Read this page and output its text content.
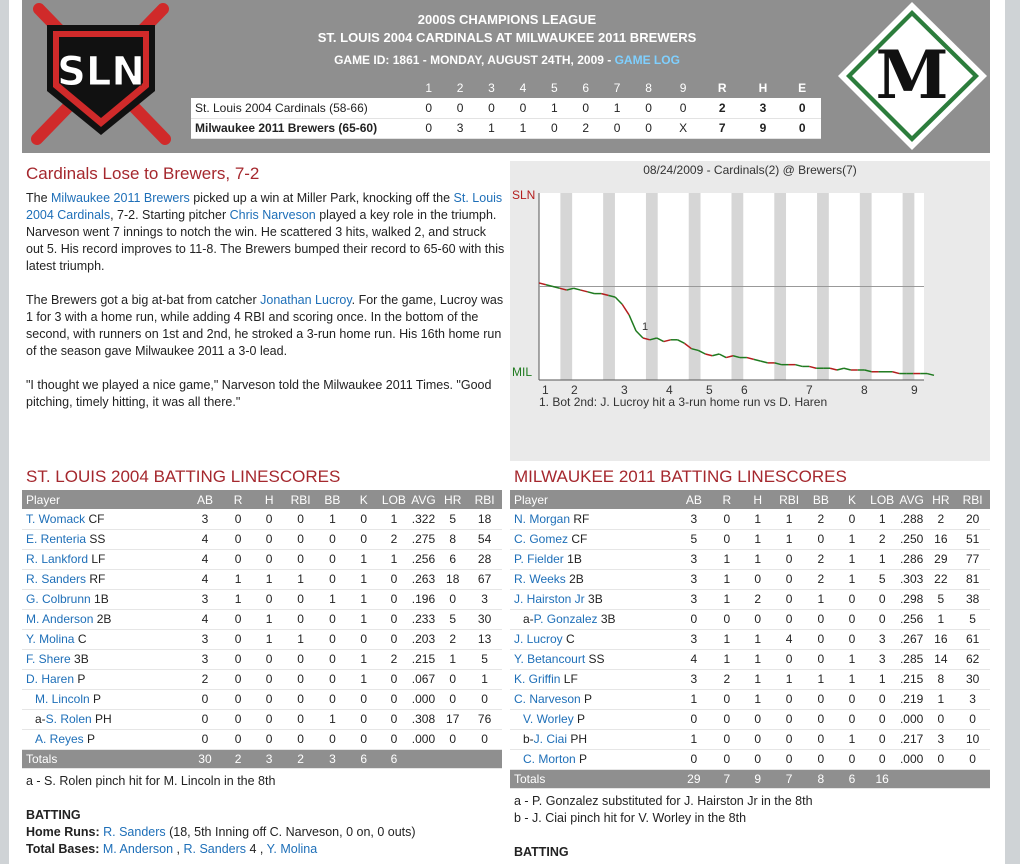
SLN
2000S CHAMPIONS LEAGUE
ST. LOUIS 2004 CARDINALS AT MILWAUKEE 2011 BREWERS
GAME ID: 1861 - MONDAY, AUGUST 24TH, 2009 - GAME LOG
	1	2	3	4	5	6	7	8	9	R	H	E
St. Louis 2004 Cardinals (58-66)	0	0	0	0	1	0	1	0	0	2	3	0
Milwaukee 2011 Brewers (65-60)	0	3	1	1	0	2	0	0	X	7	9	0
M
Cardinals Lose to Brewers, 7-2

The Milwaukee 2011 Brewers picked up a win at Miller Park, knocking off the St. Louis 2004 Cardinals, 7-2. Starting pitcher Chris Narveson played a key role in the triumph. Narveson went 7 innings to notch the win. He scattered 3 hits, walked 2, and struck out 5. His record improves to 11-8. The Brewers bumped their record to 65-60 with this latest triumph.

The Brewers got a big at-bat from catcher Jonathan Lucroy. For the game, Lucroy was 1 for 3 with a home run, while adding 4 RBI and scoring once. In the bottom of the second, with runners on 1st and 2nd, he stroked a 3-run home run. His 16th home run of the season gave Milwaukee 2011 a 3-0 lead.

"I thought we played a nice game," Narveson told the Milwaukee 2011 Times. "Good pitching, timely hitting, it was all there."

08/24/2009 - Cardinals(2) @ Brewers(7)
SLN
MIL
1
1 2	3	4	5 6	7	8	9
1. Bot 2nd: J. Lucroy hit a 3-run home run vs D. Haren
ST. LOUIS 2004 BATTING LINESCORES
Player	AB	R	H	RBI	BB	K	LOB	AVG	HR	RBI
T. Womack CF	3	0	0	0	1	0	1	.322	5	18
E. Renteria SS	4	0	0	0	0	0	2	.275	8	54
R. Lankford LF	4	0	0	0	0	1	1	.256	6	28
R. Sanders RF	4	1	1	1	0	1	0	.263	18	67
G. Colbrunn 1B	3	1	0	0	1	1	0	.196	0	3
M. Anderson 2B	4	0	1	0	0	1	0	.233	5	30
Y. Molina C	3	0	1	1	0	0	0	.203	2	13
F. Shere 3B	3	0	0	0	0	1	2	.215	1	5
D. Haren P	2	0	0	0	0	1	0	.067	0	1
M. Lincoln P	0	0	0	0	0	0	0	.000	0	0
a-S. Rolen PH	0	0	0	0	1	0	0	.308	17	76
A. Reyes P	0	0	0	0	0	0	0	.000	0	0
Totals	30	2	3	2	3	6	6			
a - S. Rolen pinch hit for M. Lincoln in the 8th
BATTING
Home Runs: R. Sanders (18, 5th Inning off C. Narveson, 0 on, 0 outs)
Total Bases: M. Anderson , R. Sanders 4 , Y. Molina
MILWAUKEE 2011 BATTING LINESCORES
Player	AB	R	H	RBI	BB	K	LOB	AVG	HR	RBI
N. Morgan RF	3	0	1	1	2	0	1	.288	2	20
C. Gomez CF	5	0	1	1	0	1	2	.250	16	51
P. Fielder 1B	3	1	1	0	2	1	1	.286	29	77
R. Weeks 2B	3	1	0	0	2	1	5	.303	22	81
J. Hairston Jr 3B	3	1	2	0	1	0	0	.298	5	38
a-P. Gonzalez 3B	0	0	0	0	0	0	0	.256	1	5
J. Lucroy C	3	1	1	4	0	0	3	.267	16	61
Y. Betancourt SS	4	1	1	0	0	1	3	.285	14	62
K. Griffin LF	3	2	1	1	1	1	1	.215	8	30
C. Narveson P	1	0	1	0	0	0	0	.219	1	3
V. Worley P	0	0	0	0	0	0	0	.000	0	0
b-J. Ciai PH	1	0	0	0	0	1	0	.217	3	10
C. Morton P	0	0	0	0	0	0	0	.000	0	0
Totals	29	7	9	7	8	6	16			
a - P. Gonzalez substituted for J. Hairston Jr in the 8th
b - J. Ciai pinch hit for V. Worley in the 8th
BATTING
